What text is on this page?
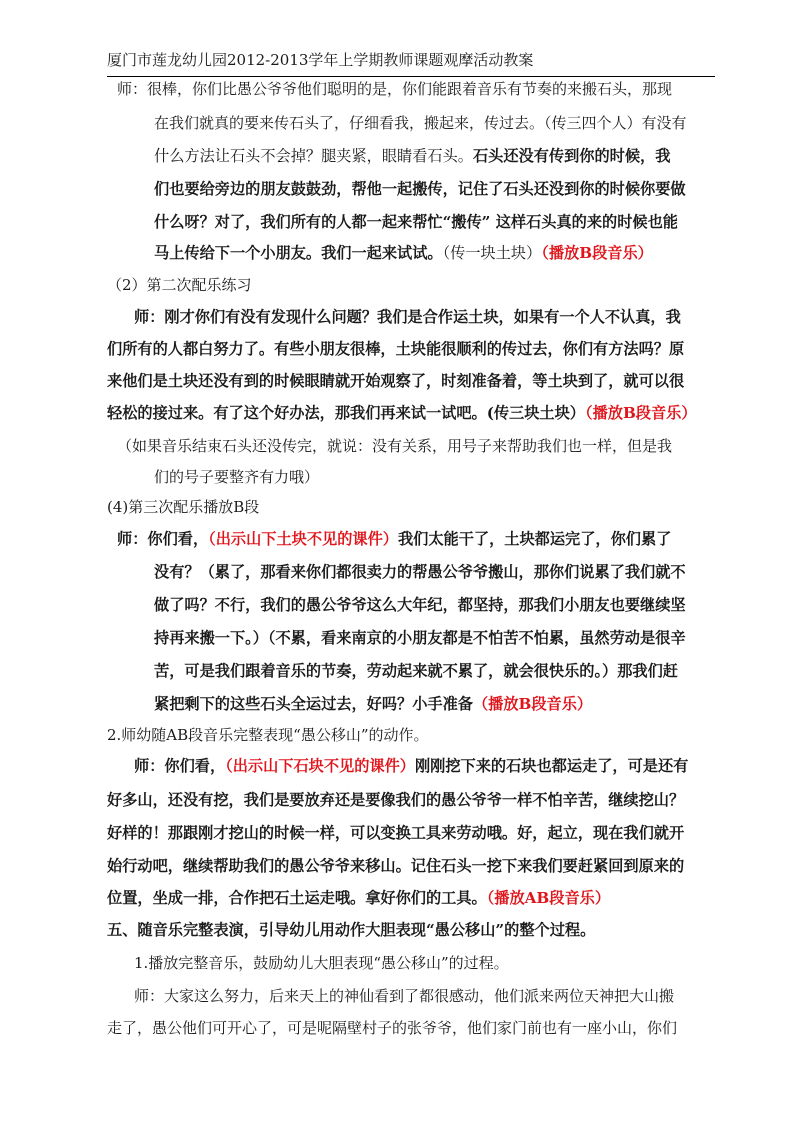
厦门市莲龙幼儿园2012-2013学年上学期教师课题观摩活动教案
师：很棒，你们比愚公爷爷他们聪明的是，你们能跟着音乐有节奏的来搬石头，那现
在我们就真的要来传石头了，仔细看我，搬起来，传过去。（传三四个人）有没有
什么方法让石头不会掉？腿夹紧，眼睛看石头。石头还没有传到你的时候，我
们也要给旁边的朋友鼓鼓劲，帮他一起搬传，记住了石头还没到你的时候你要做
什么呀？对了，我们所有的人都一起来帮忙“搬传” 这样石头真的来的时候也能
马上传给下一个小朋友。我们一起来试试。（传一块土块）（播放B段音乐）
（2）第二次配乐练习
师：刚才你们有没有发现什么问题？我们是合作运土块，如果有一个人不认真，我
们所有的人都白努力了。有些小朋友很棒，土块能很顺利的传过去，你们有方法吗？原
来他们是土块还没有到的时候眼睛就开始观察了，时刻准备着，等土块到了，就可以很
轻松的接过来。有了这个好办法，那我们再来试一试吧。(传三块土块）（播放B段音乐）
（如果音乐结束石头还没传完，就说：没有关系，用号子来帮助我们也一样，但是我
们的号子要整齐有力哦）
(4)第三次配乐播放B段
师：你们看，（出示山下土块不见的课件）我们太能干了，土块都运完了，你们累了
没有？（累了，那看来你们都很卖力的帮愚公爷爷搬山，那你们说累了我们就不
做了吗？不行，我们的愚公爷爷这么大年纪，都坚持，那我们小朋友也要继续坚
持再来搬一下。）（不累，看来南京的小朋友都是不怕苦不怕累，虽然劳动是很辛
苦，可是我们跟着音乐的节奏，劳动起来就不累了，就会很快乐的。）那我们赶
紧把剩下的这些石头全运过去，好吗？小手准备（播放B段音乐）
2.师幼随AB段音乐完整表现“愚公移山”的动作。
师：你们看，（出示山下石块不见的课件）刚刚挖下来的石块也都运走了，可是还有
好多山，还没有挖，我们是要放弃还是要像我们的愚公爷爷一样不怕辛苦，继续挖山？
好样的！那跟刚才挖山的时候一样，可以变换工具来劳动哦。好，起立，现在我们就开
始行动吧，继续帮助我们的愚公爷爷来移山。记住石头一挖下来我们要赶紧回到原来的
位置，坐成一排，合作把石土运走哦。拿好你们的工具。（播放AB段音乐）
五、随音乐完整表演，引导幼儿用动作大胆表现“愚公移山”的整个过程。
1.播放完整音乐，鼓励幼儿大胆表现“愚公移山”的过程。
师：大家这么努力，后来天上的神仙看到了都很感动，他们派来两位天神把大山搬
走了，愚公他们可开心了，可是呢隔壁村子的张爷爷，他们家门前也有一座小山，你们
